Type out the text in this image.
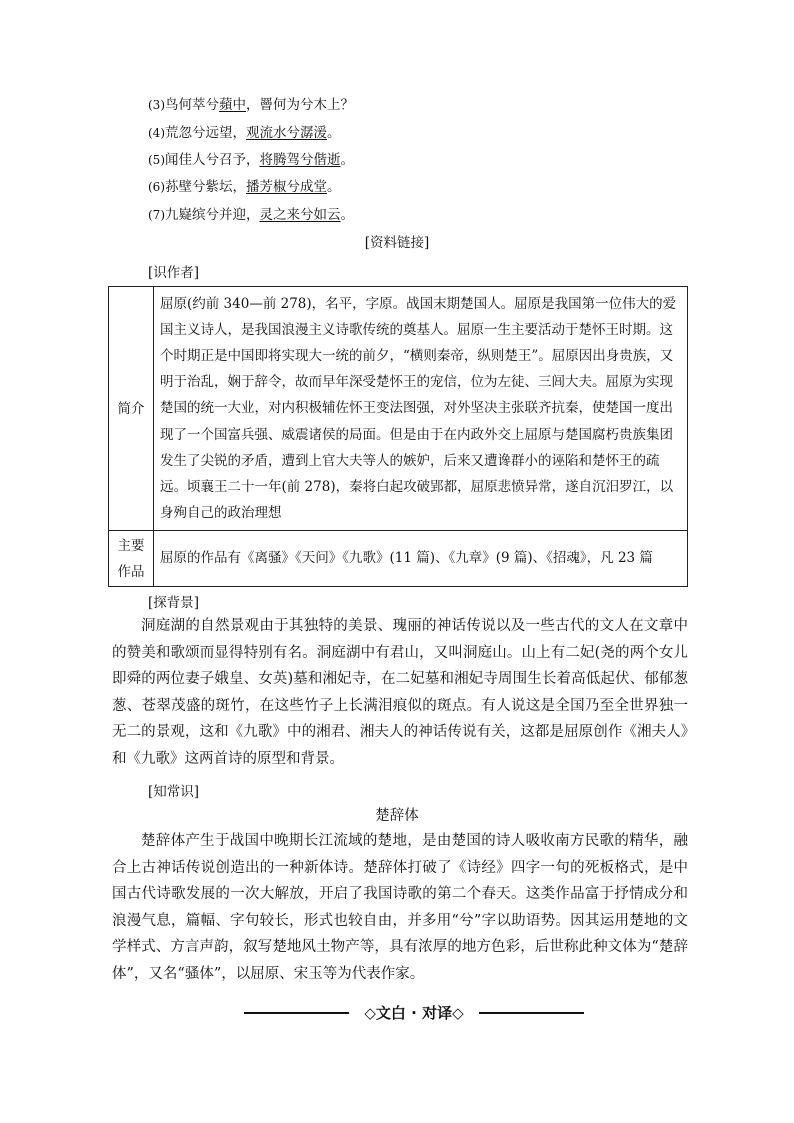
(3)鸟何萃兮蘋中，罾何为兮木上？
(4)荒忽兮远望，观流水兮潺湲。
(5)闻佳人兮召予，将腾驾兮偕逝。
(6)荪壁兮紫坛，播芳椒兮成堂。
(7)九嶷缤兮并迎，灵之来兮如云。
[资料链接]
[识作者]
简介	屈原(约前 340—前 278)，名平，字原。战国末期楚国人。屈原是我国第一位伟大的爱国主义诗人，是我国浪漫主义诗歌传统的奠基人。屈原一生主要活动于楚怀王时期。这个时期正是中国即将实现大一统的前夕，“横则秦帝，纵则楚王”。屈原因出身贵族，又明于治乱，娴于辞令，故而早年深受楚怀王的宠信，位为左徒、三闾大夫。屈原为实现楚国的统一大业，对内积极辅佐怀王变法图强，对外坚决主张联齐抗秦，使楚国一度出现了一个国富兵强、威震诸侯的局面。但是由于在内政外交上屈原与楚国腐朽贵族集团发生了尖锐的矛盾，遭到上官大夫等人的嫉妒，后来又遭谗群小的诬陷和楚怀王的疏远。顷襄王二十一年(前 278)，秦将白起攻破郢都，屈原悲愤异常，遂自沉汨罗江，以身殉自己的政治理想
主要
作品	屈原的作品有《离骚》《天问》《九歌》(11 篇)、《九章》(9 篇)、《招魂》，凡 23 篇
[探背景]
洞庭湖的自然景观由于其独特的美景、瑰丽的神话传说以及一些古代的文人在文章中的赞美和歌颂而显得特别有名。洞庭湖中有君山，又叫洞庭山。山上有二妃(尧的两个女儿即舜的两位妻子娥皇、女英)墓和湘妃寺，在二妃墓和湘妃寺周围生长着高低起伏、郁郁葱葱、苍翠茂盛的斑竹，在这些竹子上长满泪痕似的斑点。有人说这是全国乃至全世界独一无二的景观，这和《九歌》中的湘君、湘夫人的神话传说有关，这都是屈原创作《湘夫人》和《九歌》这两首诗的原型和背景。
[知常识]
楚辞体
楚辞体产生于战国中晚期长江流域的楚地，是由楚国的诗人吸收南方民歌的精华，融合上古神话传说创造出的一种新体诗。楚辞体打破了《诗经》四字一句的死板格式，是中国古代诗歌发展的一次大解放，开启了我国诗歌的第二个春天。这类作品富于抒情成分和浪漫气息，篇幅、字句较长，形式也较自由，并多用“兮”字以助语势。因其运用楚地的文学样式、方言声韵，叙写楚地风土物产等，具有浓厚的地方色彩，后世称此种文体为“楚辞体”，又名“骚体”，以屈原、宋玉等为代表作家。
◇文白 · 对译◇
